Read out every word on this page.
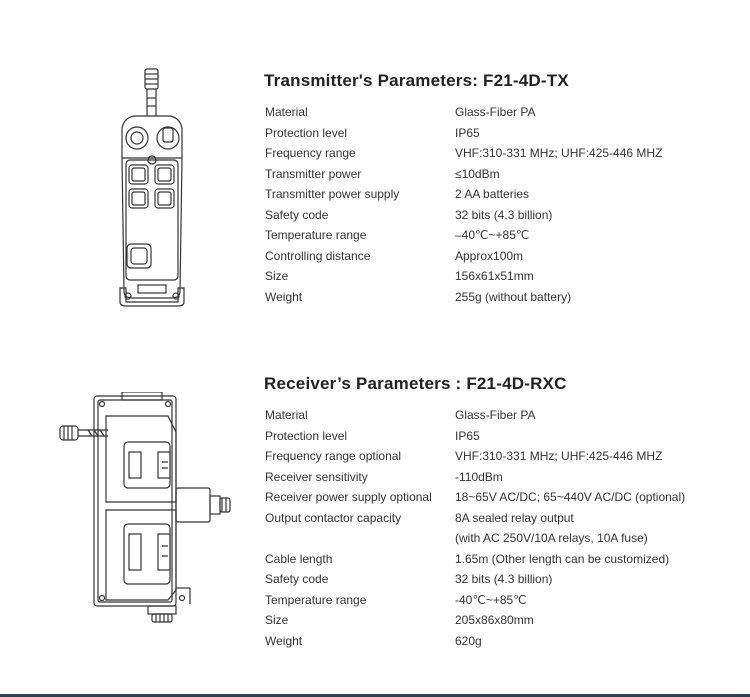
Transmitter's Parameters: F21-4D-TX
Material	Glass-Fiber PA
Protection level	IP65
Frequency range	VHF:310-331 MHz; UHF:425-446 MHZ
Transmitter power	≤10dBm
Transmitter power supply	2 AA batteries
Safety code	32 bits (4.3 billion)
Temperature range	–40℃~+85℃
Controlling distance	Approx100m
Size	156x61x51mm
Weight	255g (without battery)
Receiver’s Parameters : F21-4D-RXC
Material	Glass-Fiber PA
Protection level	IP65
Frequency range optional	VHF:310-331 MHz; UHF:425-446 MHZ
Receiver sensitivity	-110dBm
Receiver power supply optional	18~65V AC/DC; 65~440V AC/DC (optional)
Output contactor capacity	8A sealed relay output
(with AC 250V/10A relays, 10A fuse)
Cable length	1.65m (Other length can be customized)
Safety code	32 bits (4.3 billion)
Temperature range	-40℃~+85℃
Size	205x86x80mm
Weight	620g
